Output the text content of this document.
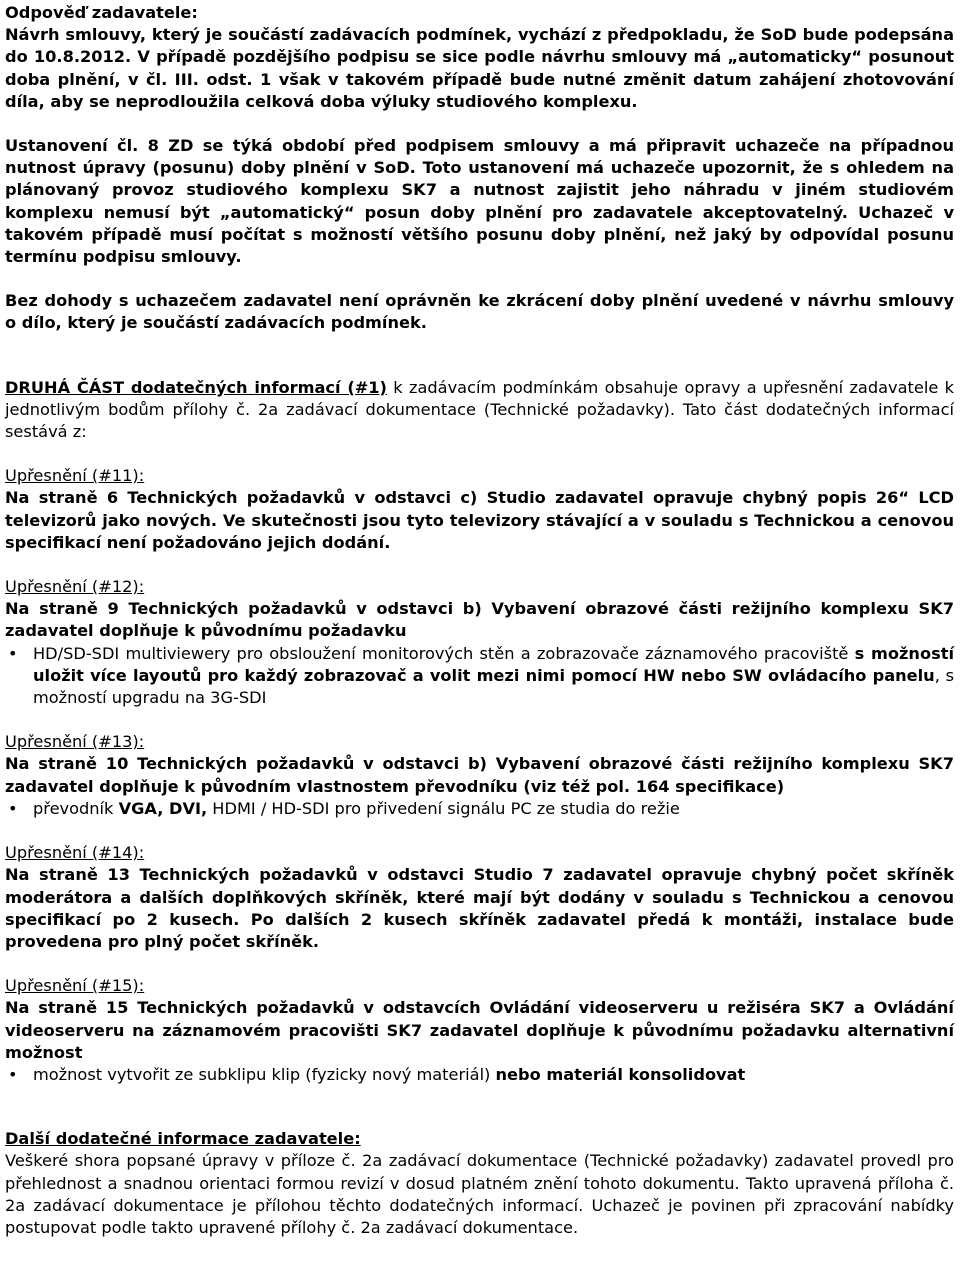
Odpověď zadavatele:

Návrh smlouvy, který je součástí zadávacích podmínek, vychází z předpokladu, že SoD bude podepsána do 10.8.2012. V případě pozdějšího podpisu se sice podle návrhu smlouvy má „automaticky“ posunout doba plnění, v čl. III. odst. 1 však v takovém případě bude nutné změnit datum zahájení zhotovování díla, aby se neprodloužila celková doba výluky studiového komplexu.

Ustanovení čl. 8 ZD se týká období před podpisem smlouvy a má připravit uchazeče na případnou nutnost úpravy (posunu) doby plnění v SoD. Toto ustanovení má uchazeče upozornit, že s ohledem na plánovaný provoz studiového komplexu SK7 a nutnost zajistit jeho náhradu v jiném studiovém komplexu nemusí být „automatický“ posun doby plnění pro zadavatele akceptovatelný. Uchazeč v takovém případě musí počítat s možností většího posunu doby plnění, než jaký by odpovídal posunu termínu podpisu smlouvy.

Bez dohody s uchazečem zadavatel není oprávněn ke zkrácení doby plnění uvedené v návrhu smlouvy o dílo, který je součástí zadávacích podmínek.

DRUHÁ ČÁST dodatečných informací (#1) k zadávacím podmínkám obsahuje opravy a upřesnění zadavatele k jednotlivým bodům přílohy č. 2a zadávací dokumentace (Technické požadavky). Tato část dodatečných informací sestává z:

Upřesnění (#11):

Na straně 6 Technických požadavků v odstavci c) Studio zadavatel opravuje chybný popis 26“ LCD televizorů jako nových. Ve skutečnosti jsou tyto televizory stávající a v souladu s Technickou a cenovou specifikací není požadováno jejich dodání.

Upřesnění (#12):

Na straně 9 Technických požadavků v odstavci b) Vybavení obrazové části režijního komplexu SK7 zadavatel doplňuje k původnímu požadavku

• HD/SD-SDI multiviewery pro obsloužení monitorových stěn a zobrazovače záznamového pracoviště s možností uložit více layoutů pro každý zobrazovač a volit mezi nimi pomocí HW nebo SW ovládacího panelu, s možností upgradu na 3G-SDI

Upřesnění (#13):

Na straně 10 Technických požadavků v odstavci b) Vybavení obrazové části režijního komplexu SK7 zadavatel doplňuje k původním vlastnostem převodníku (viz též pol. 164 specifikace)

• převodník VGA, DVI, HDMI / HD-SDI pro přivedení signálu PC ze studia do režie

Upřesnění (#14):

Na straně 13 Technických požadavků v odstavci Studio 7 zadavatel opravuje chybný počet skříněk moderátora a dalších doplňkových skříněk, které mají být dodány v souladu s Technickou a cenovou specifikací po 2 kusech. Po dalších 2 kusech skříněk zadavatel předá k montáži, instalace bude provedena pro plný počet skříněk.

Upřesnění (#15):

Na straně 15 Technických požadavků v odstavcích Ovládání videoserveru u režiséra SK7 a Ovládání videoserveru na záznamovém pracovišti SK7 zadavatel doplňuje k původnímu požadavku alternativní možnost

• možnost vytvořit ze subklipu klip (fyzicky nový materiál) nebo materiál konsolidovat

Další dodatečné informace zadavatele:

Veškeré shora popsané úpravy v příloze č. 2a zadávací dokumentace (Technické požadavky) zadavatel provedl pro přehlednost a snadnou orientaci formou revizí v dosud platném znění tohoto dokumentu. Takto upravená příloha č. 2a zadávací dokumentace je přílohou těchto dodatečných informací. Uchazeč je povinen při zpracování nabídky postupovat podle takto upravené přílohy č. 2a zadávací dokumentace.
